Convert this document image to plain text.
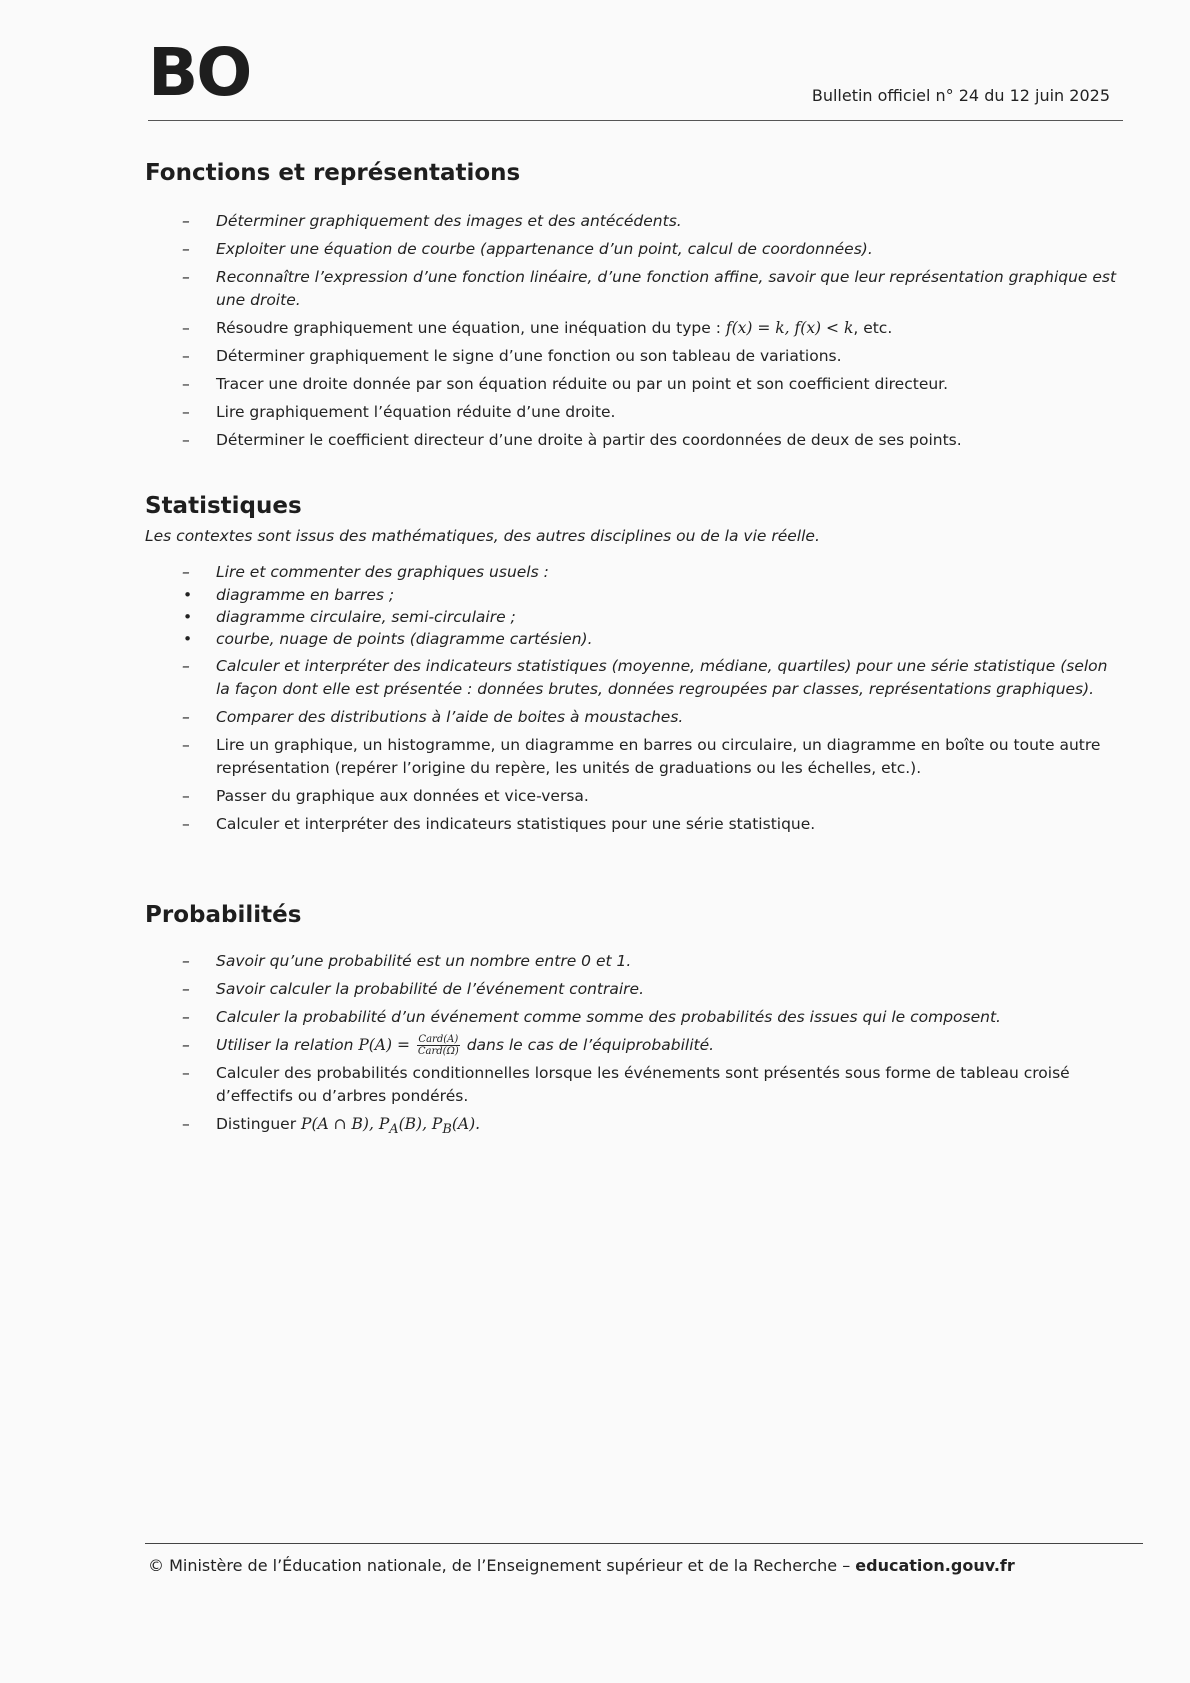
BO	Bulletin officiel n° 24 du 12 juin 2025
Fonctions et représentations
– Déterminer graphiquement des images et des antécédents.
– Exploiter une équation de courbe (appartenance d’un point, calcul de coordonnées).
– Reconnaître l’expression d’une fonction linéaire, d’une fonction affine, savoir que leur représentation graphique est une droite.
– Résoudre graphiquement une équation, une inéquation du type : f(x) = k, f(x) < k, etc.
– Déterminer graphiquement le signe d’une fonction ou son tableau de variations.
– Tracer une droite donnée par son équation réduite ou par un point et son coefficient directeur.
– Lire graphiquement l’équation réduite d’une droite.
– Déterminer le coefficient directeur d’une droite à partir des coordonnées de deux de ses points.
Statistiques

Les contextes sont issus des mathématiques, des autres disciplines ou de la vie réelle.

– Lire et commenter des graphiques usuels :
• diagramme en barres ;
• diagramme circulaire, semi-circulaire ;
• courbe, nuage de points (diagramme cartésien).
– Calculer et interpréter des indicateurs statistiques (moyenne, médiane, quartiles) pour une série statistique (selon la façon dont elle est présentée : données brutes, données regroupées par classes, représentations graphiques).
– Comparer des distributions à l’aide de boites à moustaches.
– Lire un graphique, un histogramme, un diagramme en barres ou circulaire, un diagramme en boîte ou toute autre représentation (repérer l’origine du repère, les unités de graduations ou les échelles, etc.).
– Passer du graphique aux données et vice-versa.
– Calculer et interpréter des indicateurs statistiques pour une série statistique.
Probabilités
– Savoir qu’une probabilité est un nombre entre 0 et 1.
– Savoir calculer la probabilité de l’événement contraire.
– Calculer la probabilité d’un événement comme somme des probabilités des issues qui le composent.
– Utiliser la relation $P(A) = \frac{\text{Card(A)}}{\text{Card(Ω)}}$ dans le cas de l’équiprobabilité.
– Calculer des probabilités conditionnelles lorsque les événements sont présentés sous forme de tableau croisé d’effectifs ou d’arbres pondérés.
– Distinguer P(A ∩ B), $P_A(B)$, $P_B(A)$.
© Ministère de l’Éducation nationale, de l’Enseignement supérieur et de la Recherche – education.gouv.fr
